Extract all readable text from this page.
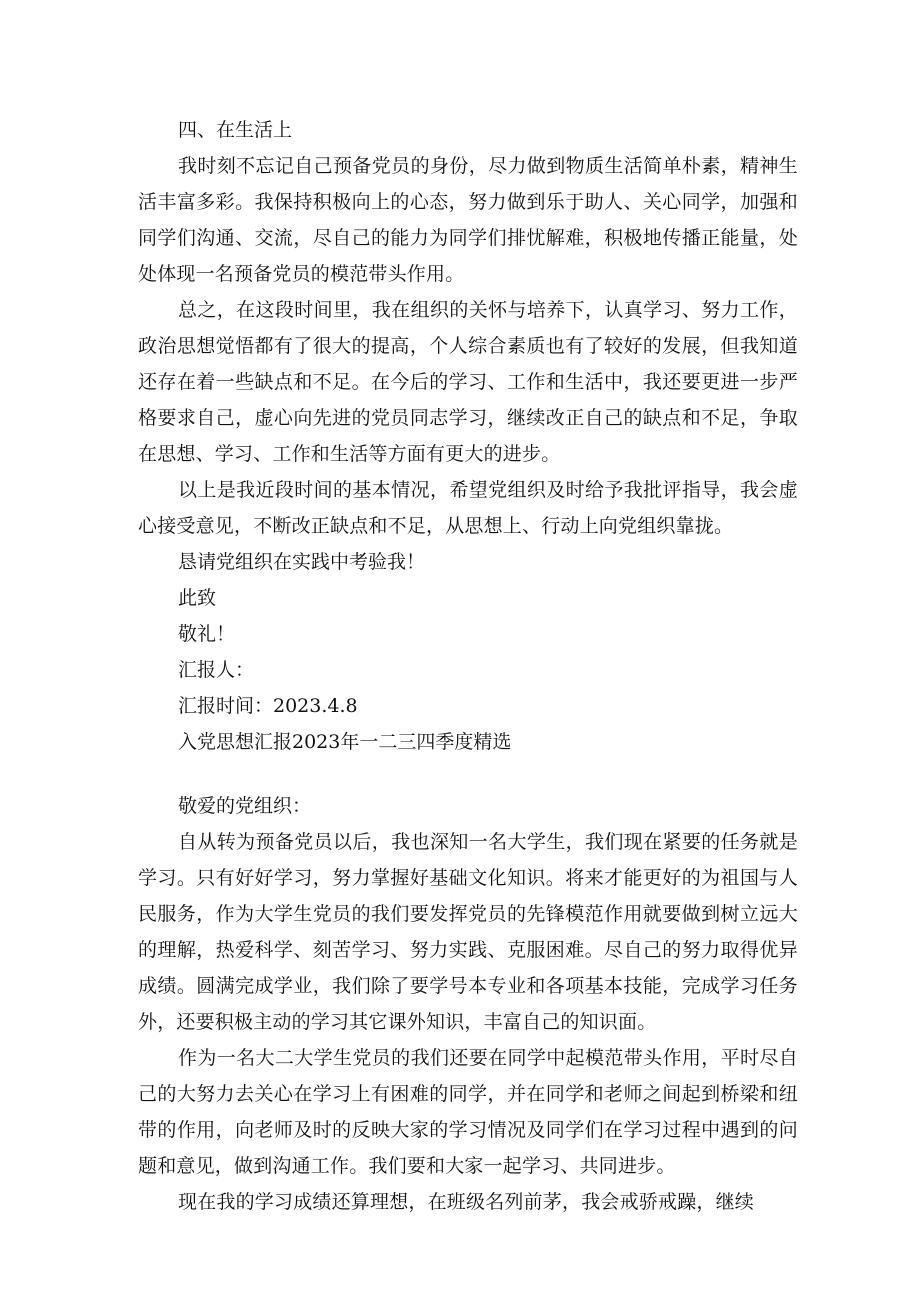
四、在生活上

我时刻不忘记自己预备党员的身份，尽力做到物质生活简单朴素，精神生活丰富多彩。我保持积极向上的心态，努力做到乐于助人、关心同学，加强和同学们沟通、交流，尽自己的能力为同学们排忧解难，积极地传播正能量，处处体现一名预备党员的模范带头作用。

总之，在这段时间里，我在组织的关怀与培养下，认真学习、努力工作，政治思想觉悟都有了很大的提高，个人综合素质也有了较好的发展，但我知道还存在着一些缺点和不足。在今后的学习、工作和生活中，我还要更进一步严格要求自己，虚心向先进的党员同志学习，继续改正自己的缺点和不足，争取在思想、学习、工作和生活等方面有更大的进步。

以上是我近段时间的基本情况，希望党组织及时给予我批评指导，我会虚心接受意见，不断改正缺点和不足，从思想上、行动上向党组织靠拢。

恳请党组织在实践中考验我！

此致

敬礼！

汇报人：

汇报时间：2023.4.8

入党思想汇报2023年一二三四季度精选

敬爱的党组织：

自从转为预备党员以后，我也深知一名大学生，我们现在紧要的任务就是学习。只有好好学习，努力掌握好基础文化知识。将来才能更好的为祖国与人民服务，作为大学生党员的我们要发挥党员的先锋模范作用就要做到树立远大的理解，热爱科学、刻苦学习、努力实践、克服困难。尽自己的努力取得优异成绩。圆满完成学业，我们除了要学号本专业和各项基本技能，完成学习任务外，还要积极主动的学习其它课外知识，丰富自己的知识面。

作为一名大二大学生党员的我们还要在同学中起模范带头作用，平时尽自己的大努力去关心在学习上有困难的同学，并在同学和老师之间起到桥梁和纽带的作用，向老师及时的反映大家的学习情况及同学们在学习过程中遇到的问题和意见，做到沟通工作。我们要和大家一起学习、共同进步。

现在我的学习成绩还算理想，在班级名列前茅，我会戒骄戒躁，继续
